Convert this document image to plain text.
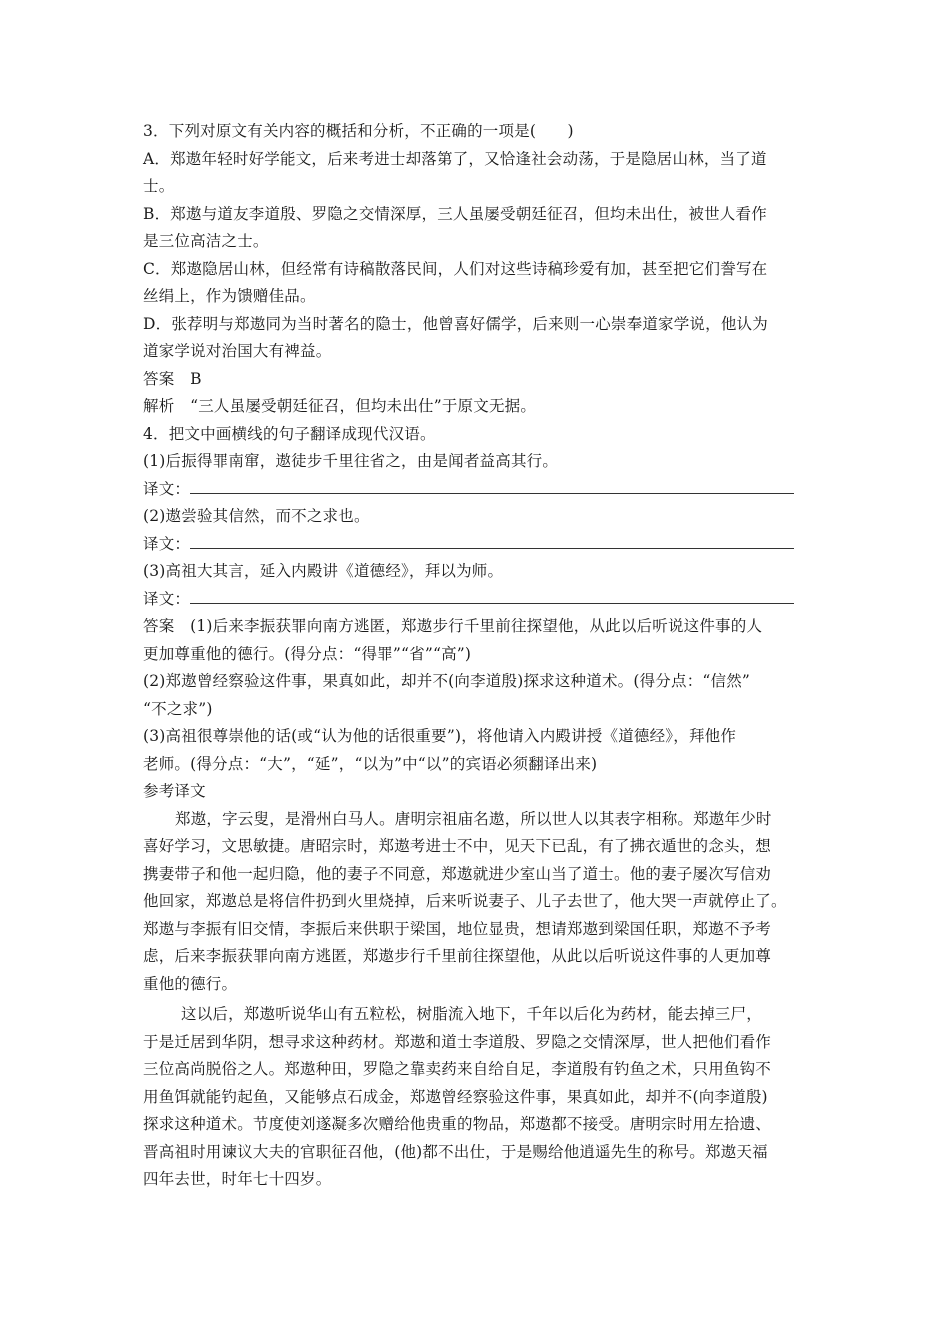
3．下列对原文有关内容的概括和分析，不正确的一项是(　　)
A．郑遨年轻时好学能文，后来考进士却落第了，又恰逢社会动荡，于是隐居山林，当了道
士。
B．郑遨与道友李道殷、罗隐之交情深厚，三人虽屡受朝廷征召，但均未出仕，被世人看作
是三位高洁之士。
C．郑遨隐居山林，但经常有诗稿散落民间，人们对这些诗稿珍爱有加，甚至把它们誊写在
丝绢上，作为馈赠佳品。
D．张荐明与郑遨同为当时著名的隐士，他曾喜好儒学，后来则一心崇奉道家学说，他认为
道家学说对治国大有裨益。
答案　B
解析　“三人虽屡受朝廷征召，但均未出仕”于原文无据。
4．把文中画横线的句子翻译成现代汉语。
(1)后振得罪南窜，遨徒步千里往省之，由是闻者益高其行。
译文：
(2)遨尝验其信然，而不之求也。
译文：
(3)高祖大其言，延入内殿讲《道德经》，拜以为师。
译文：
答案　(1)后来李振获罪向南方逃匿，郑遨步行千里前往探望他，从此以后听说这件事的人
更加尊重他的德行。(得分点：“得罪”“省”“高”)
(2)郑遨曾经察验这件事，果真如此，却并不(向李道殷)探求这种道术。(得分点：“信然”
“不之求”)
(3)高祖很尊崇他的话(或“认为他的话很重要”)，将他请入内殿讲授《道德经》，拜他作
老师。(得分点：“大”，“延”，“以为”中“以”的宾语必须翻译出来)
参考译文
郑遨，字云叟，是滑州白马人。唐明宗祖庙名遨，所以世人以其表字相称。郑遨年少时
喜好学习，文思敏捷。唐昭宗时，郑遨考进士不中，见天下已乱，有了拂衣遁世的念头，想
携妻带子和他一起归隐，他的妻子不同意，郑遨就进少室山当了道士。他的妻子屡次写信劝
他回家，郑遨总是将信件扔到火里烧掉，后来听说妻子、儿子去世了，他大哭一声就停止了。
郑遨与李振有旧交情，李振后来供职于梁国，地位显贵，想请郑遨到梁国任职，郑遨不予考
虑，后来李振获罪向南方逃匿，郑遨步行千里前往探望他，从此以后听说这件事的人更加尊
重他的德行。
这以后，郑遨听说华山有五粒松，树脂流入地下，千年以后化为药材，能去掉三尸，
于是迁居到华阴，想寻求这种药材。郑遨和道士李道殷、罗隐之交情深厚，世人把他们看作
三位高尚脱俗之人。郑遨种田，罗隐之靠卖药来自给自足，李道殷有钓鱼之术，只用鱼钩不
用鱼饵就能钓起鱼，又能够点石成金，郑遨曾经察验这件事，果真如此，却并不(向李道殷)
探求这种道术。节度使刘遂凝多次赠给他贵重的物品，郑遨都不接受。唐明宗时用左拾遗、
晋高祖时用谏议大夫的官职征召他，(他)都不出仕，于是赐给他逍遥先生的称号。郑遨天福
四年去世，时年七十四岁。
